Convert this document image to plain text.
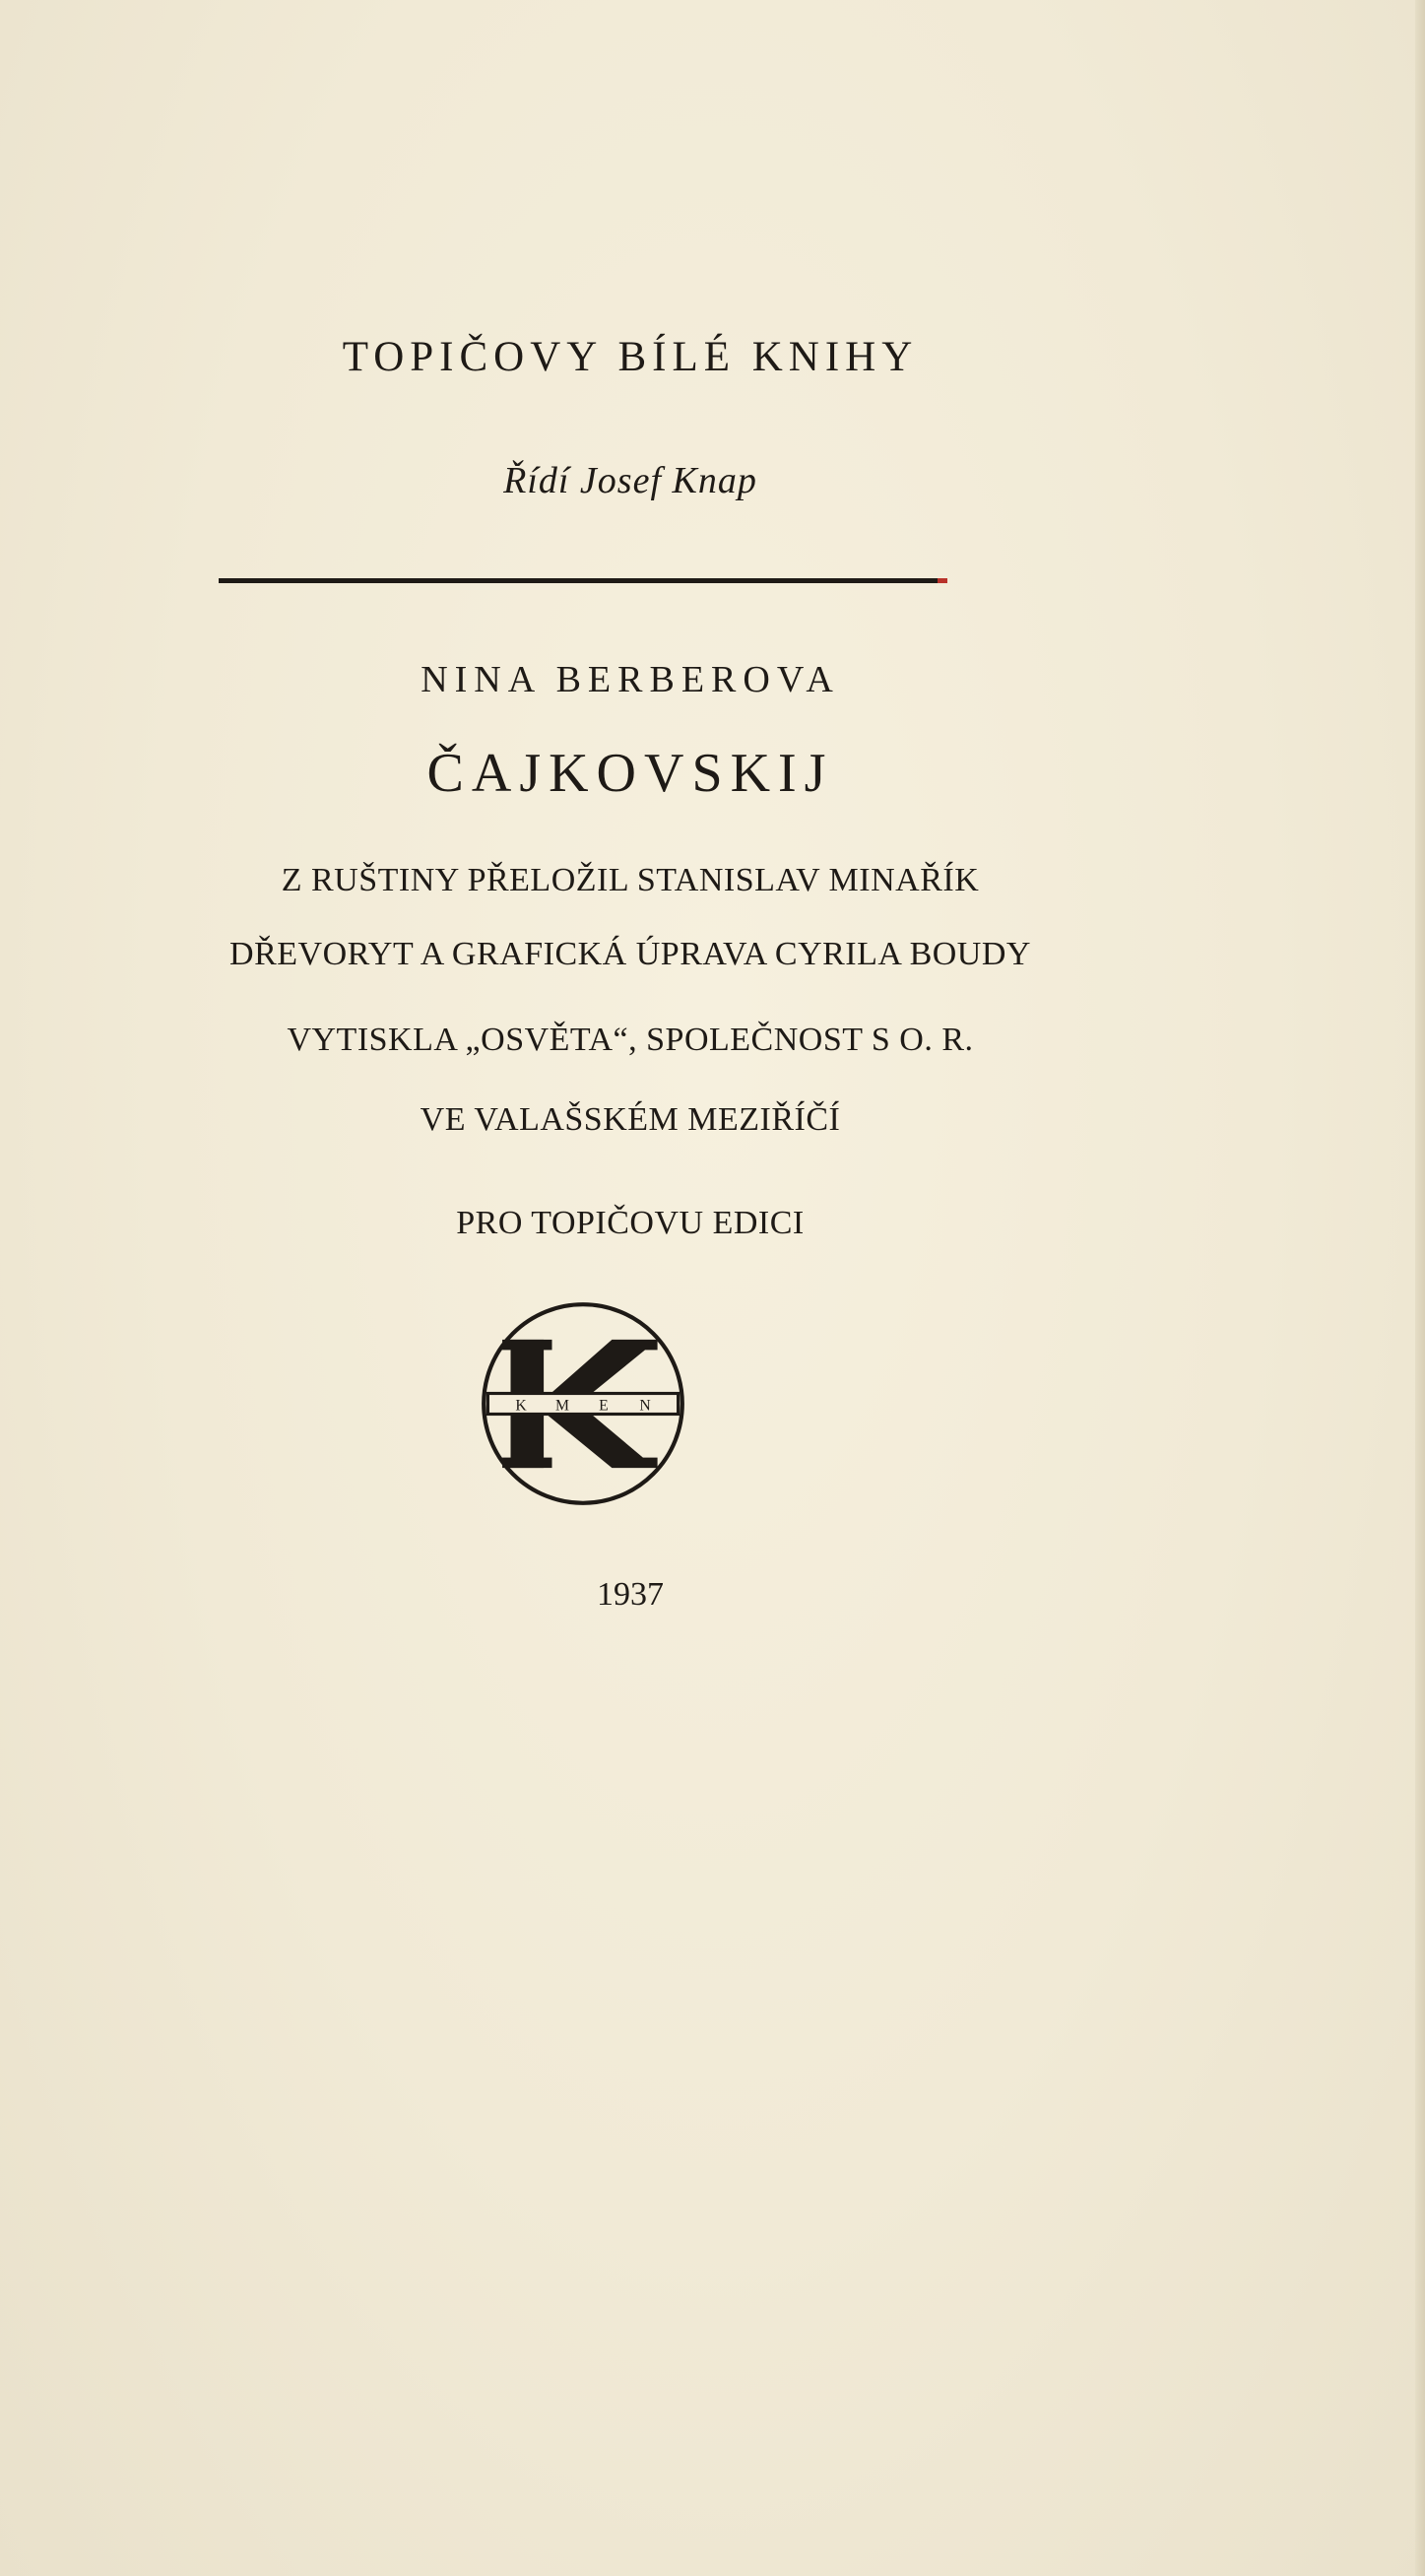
TOPIČOVY BÍLÉ KNIHY
Řídí Josef Knap
NINA BERBEROVA
ČAJKOVSKIJ
Z RUŠTINY PŘELOŽIL STANISLAV MINAŘÍK
DŘEVORYT A GRAFICKÁ ÚPRAVA CYRILA BOUDY
VYTISKLA „OSVĚTA“, SPOLEČNOST S O. R.
VE VALAŠSKÉM MEZIŘÍČÍ
PRO TOPIČOVU EDICI
K M E N
1937
